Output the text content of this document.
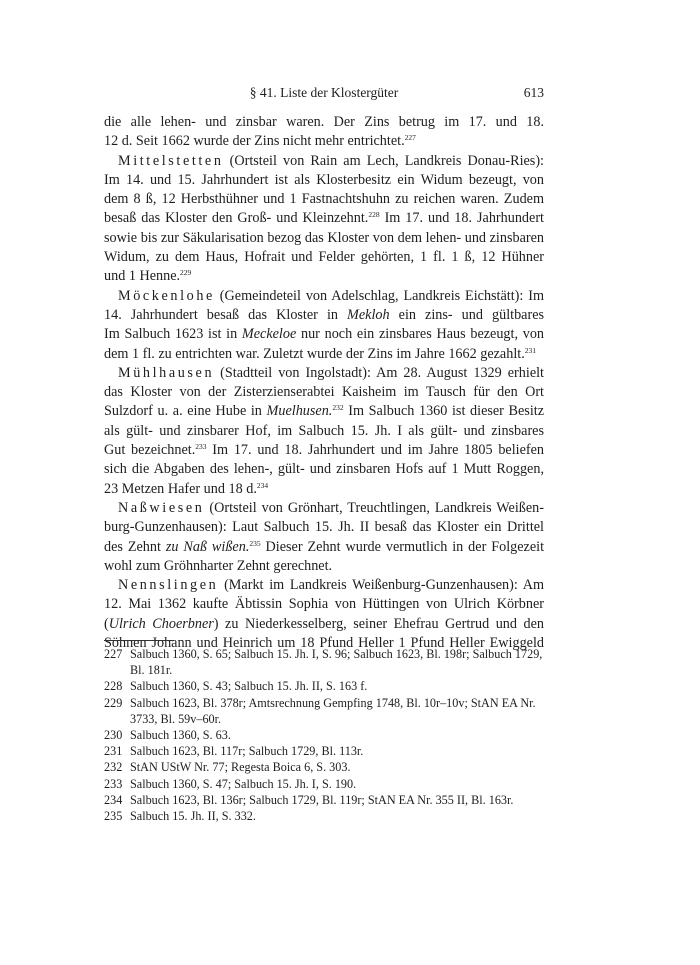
§ 41. Liste der Klostergüter	613
die alle lehen- und zinsbar waren. Der Zins betrug im 17. und 18.
12 d. Seit 1662 wurde der Zins nicht mehr entrichtet.$^{227}$
Mittelstetten (Ortsteil von Rain am Lech, Landkreis Donau-Ries):
Im 14. und 15. Jahrhundert ist als Klosterbesitz ein Widum bezeugt, von
dem 8 ß, 12 Herbsthühner und 1 Fastnachtshuhn zu reichen waren. Zudem
besaß das Kloster den Groß- und Kleinzehnt.$^{228}$ Im 17. und 18. Jahrhundert
sowie bis zur Säkularisation bezog das Kloster von dem lehen- und zinsbaren
Widum, zu dem Haus, Hofrait und Felder gehörten, 1 fl. 1 ß, 12 Hühner
und 1 Henne.$^{229}$
Möckenlohe (Gemeindeteil von Adelschlag, Landkreis Eichstätt): Im
14. Jahrhundert besaß das Kloster in Mekloh ein zins- und gültbares
Im Salbuch 1623 ist in Meckeloe nur noch ein zinsbares Haus bezeugt, von
dem 1 fl. zu entrichten war. Zuletzt wurde der Zins im Jahre 1662 gezahlt.$^{231}$
Mühlhausen (Stadtteil von Ingolstadt): Am 28. August 1329 erhielt
das Kloster von der Zisterzienserabtei Kaisheim im Tausch für den Ort
Sulzdorf u. a. eine Hube in Muelhusen.$^{232}$ Im Salbuch 1360 ist dieser Besitz
als gült- und zinsbarer Hof, im Salbuch 15. Jh. I als gült- und zinsbares
Gut bezeichnet.$^{233}$ Im 17. und 18. Jahrhundert und im Jahre 1805 beliefen
sich die Abgaben des lehen-, gült- und zinsbaren Hofs auf 1 Mutt Roggen,
23 Metzen Hafer und 18 d.$^{234}$
Naßwiesen (Ortsteil von Grönhart, Treuchtlingen, Landkreis Weißen-
burg-Gunzenhausen): Laut Salbuch 15. Jh. II besaß das Kloster ein Drittel
des Zehnt zu Naß wißen.$^{235}$ Dieser Zehnt wurde vermutlich in der Folgezeit
wohl zum Gröhnharter Zehnt gerechnet.
Nennslingen (Markt im Landkreis Weißenburg-Gunzenhausen): Am
12. Mai 1362 kaufte Äbtissin Sophia von Hüttingen von Ulrich Körbner
(Ulrich Choerbner) zu Niederkesselberg, seiner Ehefrau Gertrud und den
Söhnen Johann und Heinrich um 18 Pfund Heller 1 Pfund Heller Ewiggeld
227 Salbuch 1360, S. 65; Salbuch 15. Jh. I, S. 96; Salbuch 1623, Bl. 198r; Salbuch 1729, Bl. 181r.
228 Salbuch 1360, S. 43; Salbuch 15. Jh. II, S. 163 f.
229 Salbuch 1623, Bl. 378r; Amtsrechnung Gempfing 1748, Bl. 10r–10v; StAN EA Nr. 3733, Bl. 59v–60r.
230 Salbuch 1360, S. 63.
231 Salbuch 1623, Bl. 117r; Salbuch 1729, Bl. 113r.
232 StAN UStW Nr. 77; Regesta Boica 6, S. 303.
233 Salbuch 1360, S. 47; Salbuch 15. Jh. I, S. 190.
234 Salbuch 1623, Bl. 136r; Salbuch 1729, Bl. 119r; StAN EA Nr. 355 II, Bl. 163r.
235 Salbuch 15. Jh. II, S. 332.
